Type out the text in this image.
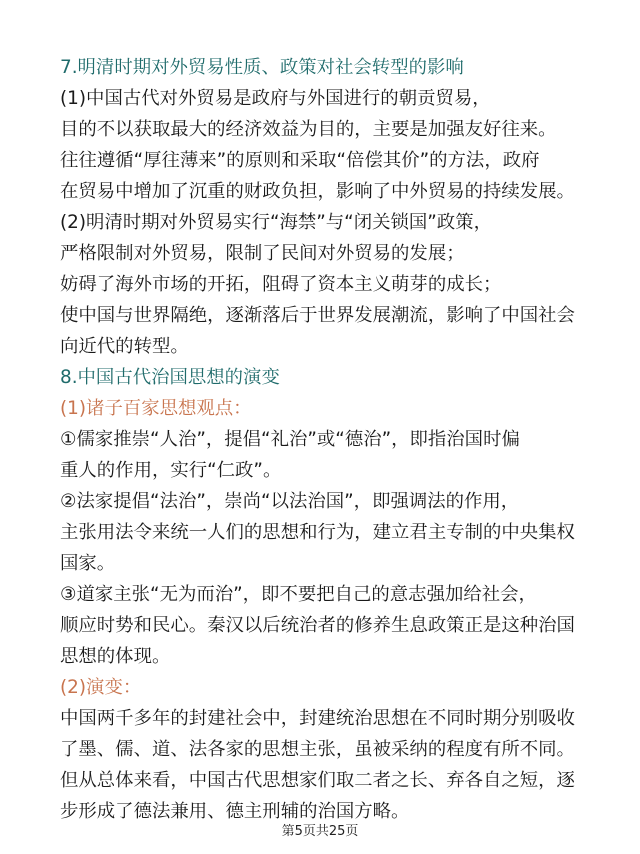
7.明清时期对外贸易性质、政策对社会转型的影响
(1)中国古代对外贸易是政府与外国进行的朝贡贸易，
目的不以获取最大的经济效益为目的，主要是加强友好往来。
往往遵循“厚往薄来”的原则和采取“倍偿其价”的方法，政府
在贸易中增加了沉重的财政负担，影响了中外贸易的持续发展。
(2)明清时期对外贸易实行“海禁”与“闭关锁国”政策，
严格限制对外贸易，限制了民间对外贸易的发展；
妨碍了海外市场的开拓，阻碍了资本主义萌芽的成长；
使中国与世界隔绝，逐渐落后于世界发展潮流，影响了中国社会
向近代的转型。
8.中国古代治国思想的演变
(1)诸子百家思想观点：
①儒家推崇“人治”，提倡“礼治”或“德治”，即指治国时偏
重人的作用，实行“仁政”。
②法家提倡“法治”，崇尚“以法治国”，即强调法的作用，
主张用法令来统一人们的思想和行为，建立君主专制的中央集权
国家。
③道家主张“无为而治”，即不要把自己的意志强加给社会，
顺应时势和民心。秦汉以后统治者的修养生息政策正是这种治国
思想的体现。
(2)演变：
中国两千多年的封建社会中，封建统治思想在不同时期分别吸收
了墨、儒、道、法各家的思想主张，虽被采纳的程度有所不同。
但从总体来看，中国古代思想家们取二者之长、弃各自之短，逐
步形成了德法兼用、德主刑辅的治国方略。
第5页共25页
